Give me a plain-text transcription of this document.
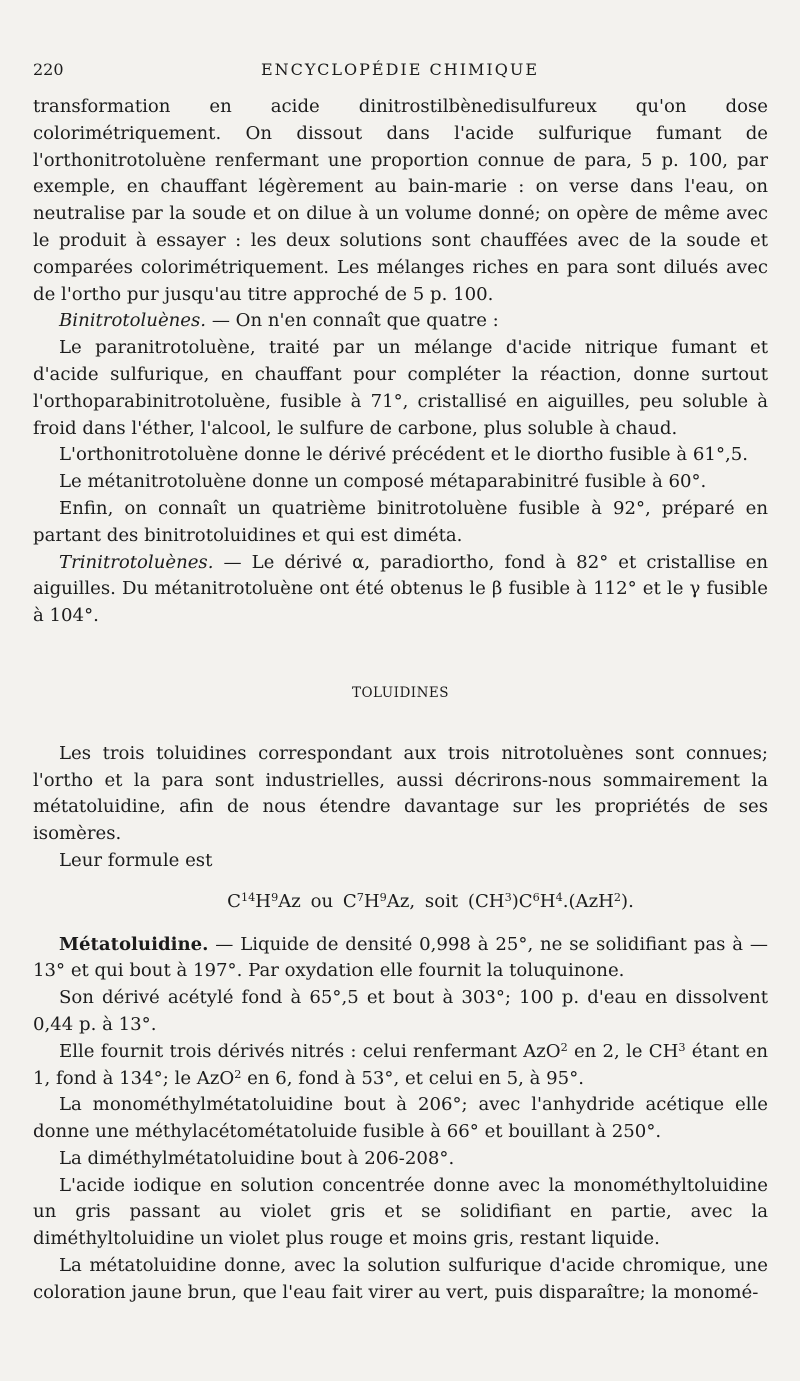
220	ENCYCLOPÉDIE CHIMIQUE

transformation en acide dinitrostilbènedisulfureux qu'on dose colorimétriquement. On dissout dans l'acide sulfurique fumant de l'orthonitrotoluène renfermant une proportion connue de para, 5 p. 100, par exemple, en chauffant légèrement au bain-marie : on verse dans l'eau, on neutralise par la soude et on dilue à un volume donné; on opère de même avec le produit à essayer : les deux solutions sont chauffées avec de la soude et comparées colorimétriquement. Les mélanges riches en para sont dilués avec de l'ortho pur jusqu'au titre approché de 5 p. 100.

Binitrotoluènes. — On n'en connaît que quatre :

Le paranitrotoluène, traité par un mélange d'acide nitrique fumant et d'acide sulfurique, en chauffant pour compléter la réaction, donne surtout l'orthoparabinitrotoluène, fusible à 71°, cristallisé en aiguilles, peu soluble à froid dans l'éther, l'alcool, le sulfure de carbone, plus soluble à chaud.

L'orthonitrotoluène donne le dérivé précédent et le diortho fusible à 61°,5.

Le métanitrotoluène donne un composé métaparabinitré fusible à 60°.

Enfin, on connaît un quatrième binitrotoluène fusible à 92°, préparé en partant des binitrotoluidines et qui est diméta.

Trinitrotoluènes. — Le dérivé α, paradiortho, fond à 82° et cristallise en aiguilles. Du métanitrotoluène ont été obtenus le β fusible à 112° et le γ fusible à 104°.

TOLUIDINES

Les trois toluidines correspondant aux trois nitrotoluènes sont connues; l'ortho et la para sont industrielles, aussi décrirons-nous sommairement la métatoluidine, afin de nous étendre davantage sur les propriétés de ses isomères.

Leur formule est

$C^{14}H^9Az$ ou $C^7H^9Az$, soit $(CH^3)C^6H^4.(AzH^2)$.

Métatoluidine. — Liquide de densité 0,998 à 25°, ne se solidifiant pas à — 13° et qui bout à 197°. Par oxydation elle fournit la toluquinone.

Son dérivé acétylé fond à 65°,5 et bout à 303°; 100 p. d'eau en dissolvent 0,44 p. à 13°.

Elle fournit trois dérivés nitrés : celui renfermant AzO$^2$ en 2, le $CH^3$ étant en 1, fond à 134°; le AzO$^2$ en 6, fond à 53°, et celui en 5, à 95°.

La monométhylmétatoluidine bout à 206°; avec l'anhydride acétique elle donne une méthylacétométatoluide fusible à 66° et bouillant à 250°.

La diméthylmétatoluidine bout à 206-208°.

L'acide iodique en solution concentrée donne avec la monométhyltoluidine un gris passant au violet gris et se solidifiant en partie, avec la diméthyltoluidine un violet plus rouge et moins gris, restant liquide.

La métatoluidine donne, avec la solution sulfurique d'acide chromique, une coloration jaune brun, que l'eau fait virer au vert, puis disparaître; la monomé-
